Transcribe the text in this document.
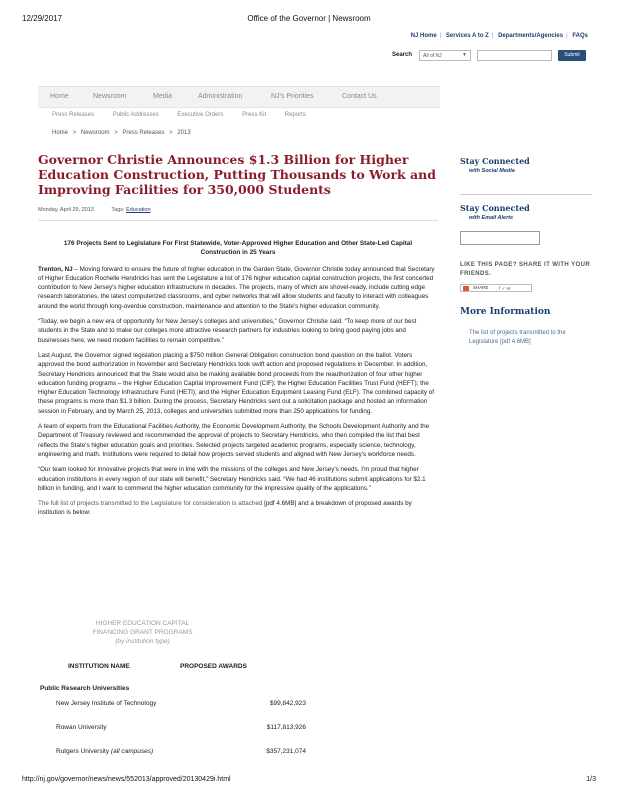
12/29/2017	Office of the Governor | Newsroom
NJ Home | Services A to Z | Departments/Agencies | FAQs
Search	All of NJ	▼	Submit
Home	Newsroom	Media	Administration	NJ's Priorities	Contact Us
Press Releases	Public Addresses	Executive Orders	Press Kit	Reports
Home > Newsroom > Press Releases > 2013
Governor Christie Announces $1.3 Billion for Higher Education Construction, Putting Thousands to Work and Improving Facilities for 350,000 Students
Monday, April 29, 2013	Tags: Education
176 Projects Sent to Legislature For First Statewide, Voter-Approved Higher Education and Other State-Led Capital Construction in 25 Years

Trenton, NJ – Moving forward to ensure the future of higher education in the Garden State, Governor Christie today announced that Secretary of Higher Education Rochelle Hendricks has sent the Legislature a list of 176 higher education capital construction projects, the first concerted contribution to New Jersey's higher education infrastructure in decades. The projects, many of which are shovel-ready, include cutting edge research laboratories, the latest computerized classrooms, and cyber networks that will allow students and faculty to interact with colleagues around the world through long-overdue construction, maintenance and attention to the State's higher education community.

“Today, we begin a new era of opportunity for New Jersey's colleges and universities,” Governor Christie said. “To keep more of our best students in the State and to make our colleges more attractive research partners for industries looking to bring good paying jobs and businesses here, we need modern facilities to remain competitive.”

Last August, the Governor signed legislation placing a $750 million General Obligation construction bond question on the ballot. Voters approved the bond authorization in November and Secretary Hendricks took swift action and proposed regulations in December. In addition, Secretary Hendricks announced that the State would also be making available bond proceeds from the reauthorization of four other higher education funding programs – the Higher Education Capital Improvement Fund (CIF); the Higher Education Facilities Trust Fund (HEFT); the Higher Education Technology Infrastructure Fund (HETI); and the Higher Education Equipment Leasing Fund (ELF). The combined capacity of these programs is more than $1.3 billion. During the process, Secretary Hendricks sent out a solicitation package and hosted an information session in February, and by March 25, 2013, colleges and universities submitted more than 250 applications for funding.

A team of experts from the Educational Facilities Authority, the Economic Development Authority, the Schools Development Authority and the Department of Treasury reviewed and recommended the approval of projects to Secretary Hendricks, who then compiled the list that best reflects the State's higher education goals and priorities. Selected projects targeted academic programs, especially science, technology, engineering and math. Institutions were required to detail how projects served students and aligned with New Jersey's workforce needs.

“Our team looked for innovative projects that were in line with the missions of the colleges and New Jersey's needs. I'm proud that higher education institutions in every region of our state will benefit,” Secretary Hendricks said. “We had 46 institutions submit applications for $2.1 billion in funding, and I want to commend the higher education community for the impressive quality of the applications.”

The full list of projects transmitted to the Legislature for consideration is attached [pdf 4.6MB] and a breakdown of proposed awards by institution is below:

Stay Connected
with Social Media
Stay Connected
with Email Alerts
LIKE THIS PAGE? SHARE IT WITH YOUR FRIENDS.
SHARE f ✓ ✉
More Information
The list of projects transmitted to the Legislature [pdf 4.6MB]
HIGHER EDUCATION CAPITAL
FINANCING GRANT PROGRAMS
(by institution type)
INSTITUTION NAME	PROPOSED AWARDS
Public Research Universities
New Jersey Institute of Technology	$99,842,923
Rowan University	$117,813,926
Rutgers University (all campuses)	$357,231,074
http://nj.gov/governor/news/news/552013/approved/20130429i.html	1/3
